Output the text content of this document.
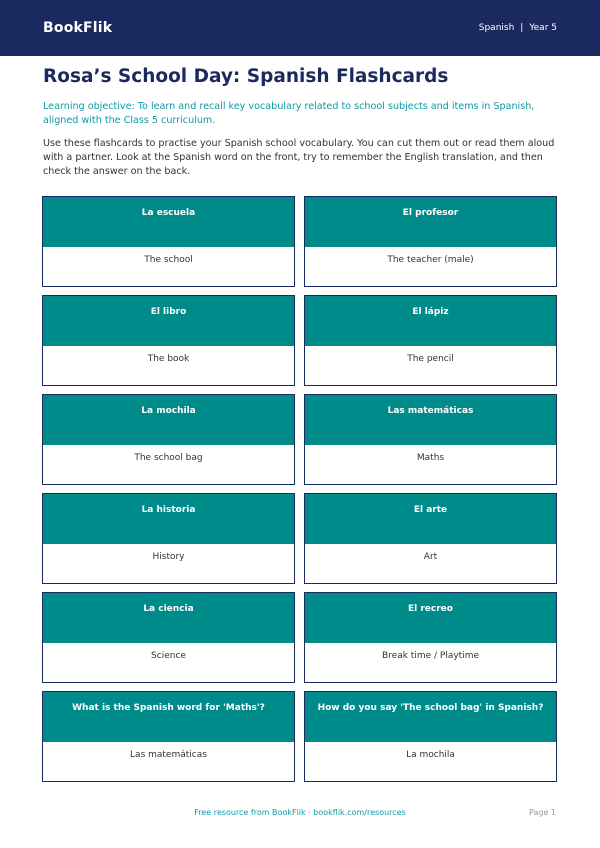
BookFlik	Spanish | Year 5
Rosa’s School Day: Spanish Flashcards

Learning objective: To learn and recall key vocabulary related to school subjects and items in Spanish, aligned with the Class 5 curriculum.

Use these flashcards to practise your Spanish school vocabulary. You can cut them out or read them aloud with a partner. Look at the Spanish word on the front, try to remember the English translation, and then check the answer on the back.

La escuela
The school
El profesor
The teacher (male)
El libro
The book
El lápiz
The pencil
La mochila
The school bag
Las matemáticas
Maths
La historia
History
El arte
Art
La ciencia
Science
El recreo
Break time / Playtime
What is the Spanish word for 'Maths'?
Las matemáticas
How do you say 'The school bag' in Spanish?
La mochila
Free resource from BookFlik · bookflik.com/resources	Page 1
